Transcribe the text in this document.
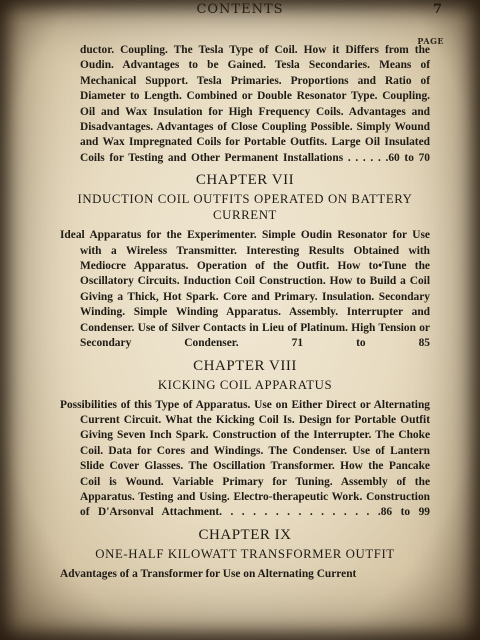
CONTENTS	7
PAGE

ductor. Coupling. The Tesla Type of Coil. How it Differs from the Oudin. Advantages to be Gained. Tesla Secondaries. Means of Mechanical Support. Tesla Primaries. Proportions and Ratio of Diameter to Length. Combined or Double Resonator Type. Coupling. Oil and Wax Insulation for High Frequency Coils. Advantages and Disadvantages. Advantages of Close Coupling Possible. Simply Wound and Wax Impregnated Coils for Portable Outfits. Large Oil Insulated Coils for Testing and Other Permanent Installations . . . . . .60 to 70

CHAPTER VII
INDUCTION COIL OUTFITS OPERATED ON BATTERY CURRENT

Ideal Apparatus for the Experimenter. Simple Oudin Resonator for Use with a Wireless Transmitter. Interesting Results Obtained with Mediocre Apparatus. Operation of the Outfit. How to•Tune the Oscillatory Circuits. Induction Coil Construction. How to Build a Coil Giving a Thick, Hot Spark. Core and Primary. Insulation. Secondary Winding. Simple Winding Apparatus. Assembly. Interrupter and Condenser. Use of Silver Contacts in Lieu of Platinum. High Tension or Secondary Condenser. 71 to 85

CHAPTER VIII
KICKING COIL APPARATUS

Possibilities of this Type of Apparatus. Use on Either Direct or Alternating Current Circuit. What the Kicking Coil Is. Design for Portable Outfit Giving Seven Inch Spark. Construction of the Interrupter. The Choke Coil. Data for Cores and Windings. The Condenser. Use of Lantern Slide Cover Glasses. The Oscillation Transformer. How the Pancake Coil is Wound. Variable Primary for Tuning. Assembly of the Apparatus. Testing and Using. Electro-therapeutic Work. Construction of D'Arsonval Attachment. . . . . . . . . . . . . . .86 to 99

CHAPTER IX
ONE-HALF KILOWATT TRANSFORMER OUTFIT

Advantages of a Transformer for Use on Alternating Current
